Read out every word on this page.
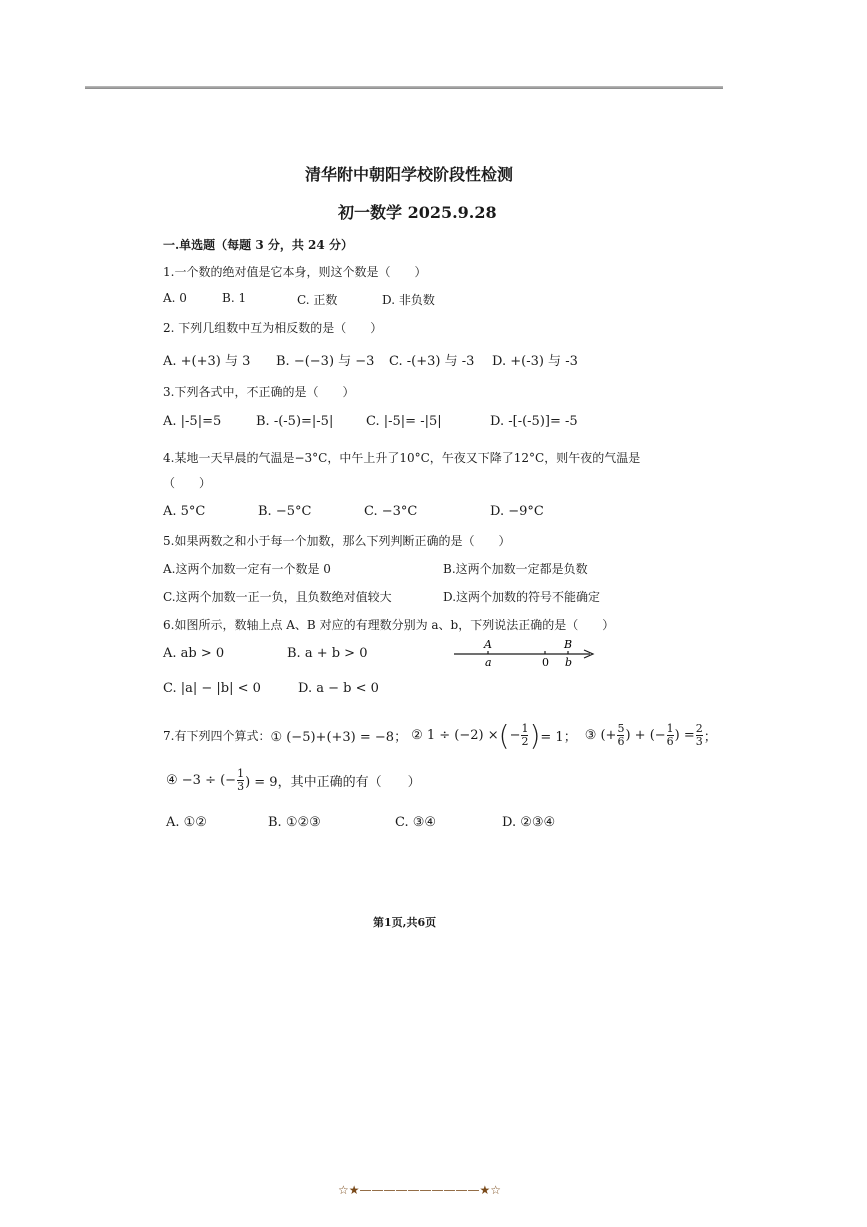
清华附中朝阳学校阶段性检测
初一数学 2025.9.28
一.单选题（每题 3 分，共 24 分）
1.一个数的绝对值是它本身，则这个数是（　　）
A. 0	B. 1	C. 正数	D. 非负数
2. 下列几组数中互为相反数的是（　　）
A. +(+3) 与 3 B. −(−3) 与 −3 C. -(+3) 与 -3 D. +(-3) 与 -3
3.下列各式中，不正确的是（　　）
A. |-5|=5	B. -(-5)=|-5|	C. |-5|= -|5|	D. -[-(-5)]= -5
4.某地一天早晨的气温是−3°C，中午上升了10°C，午夜又下降了12°C，则午夜的气温是
（　　）
A. 5°C	B. −5°C	C. −3°C	D. −9°C
5.如果两数之和小于每一个加数，那么下列判断正确的是（　　）
A.这两个加数一定有一个数是 0	B.这两个加数一定都是负数
C.这两个加数一正一负，且负数绝对值较大	D.这两个加数的符号不能确定
6.如图所示，数轴上点 A、B 对应的有理数分别为 a、b，下列说法正确的是（　　）
A. ab > 0	B. a + b > 0
C. |a| − |b| < 0	D. a − b < 0
A
a	0
B
b
7.有下列四个算式： ① (−5)+(+3) = −8； ② 1 ÷ (−2) × ( − $\frac{1}{2}$ ) = 1； ③ (+ $\frac{5}{6}$ ) + (− $\frac{1}{6}$ ) = $\frac{2}{3}$ ；
④ −3 ÷ (− $\frac{1}{3}$ ) = 9，其中正确的有（　　）
A. ①②	B. ①②③	C. ③④	D. ②③④
第1页,共6页
☆★——————————★☆
